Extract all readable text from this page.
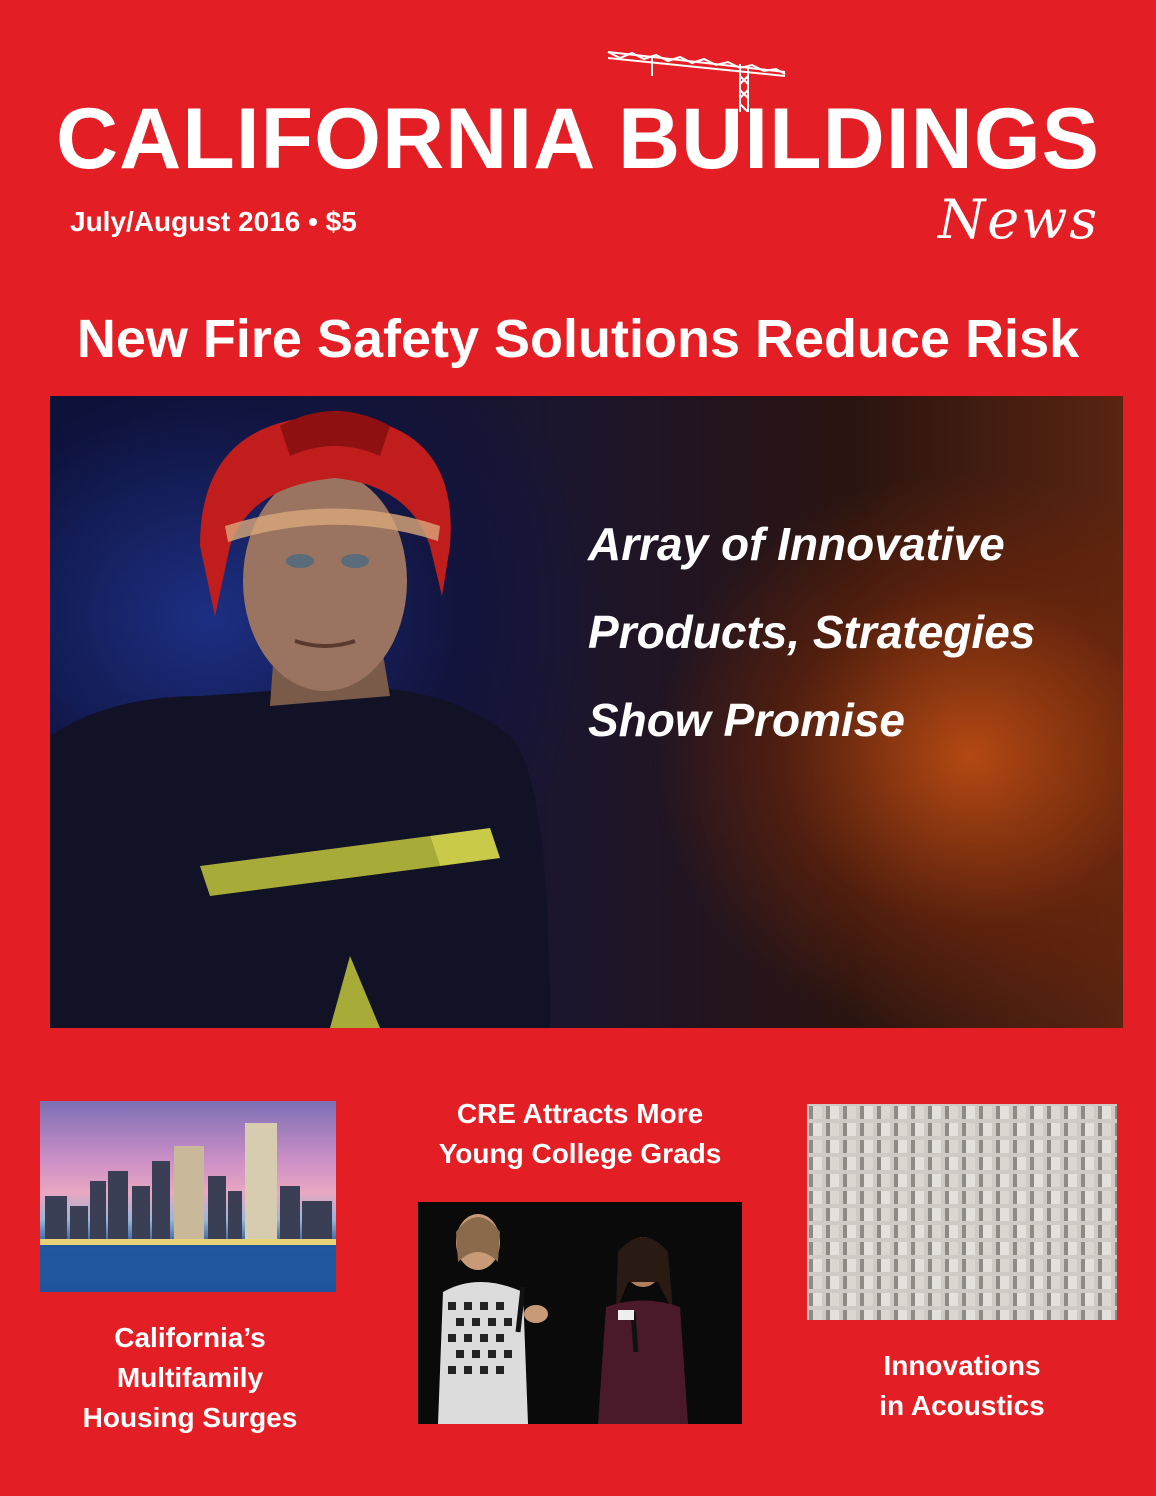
CALIFORNIA BUILDINGS
July/August 2016 • $5	News
New Fire Safety Solutions Reduce Risk
Array of Innovative
Products, Strategies
Show Promise
California’s
Multifamily
Housing Surges
CRE Attracts More
Young College Grads
Innovations
in Acoustics
